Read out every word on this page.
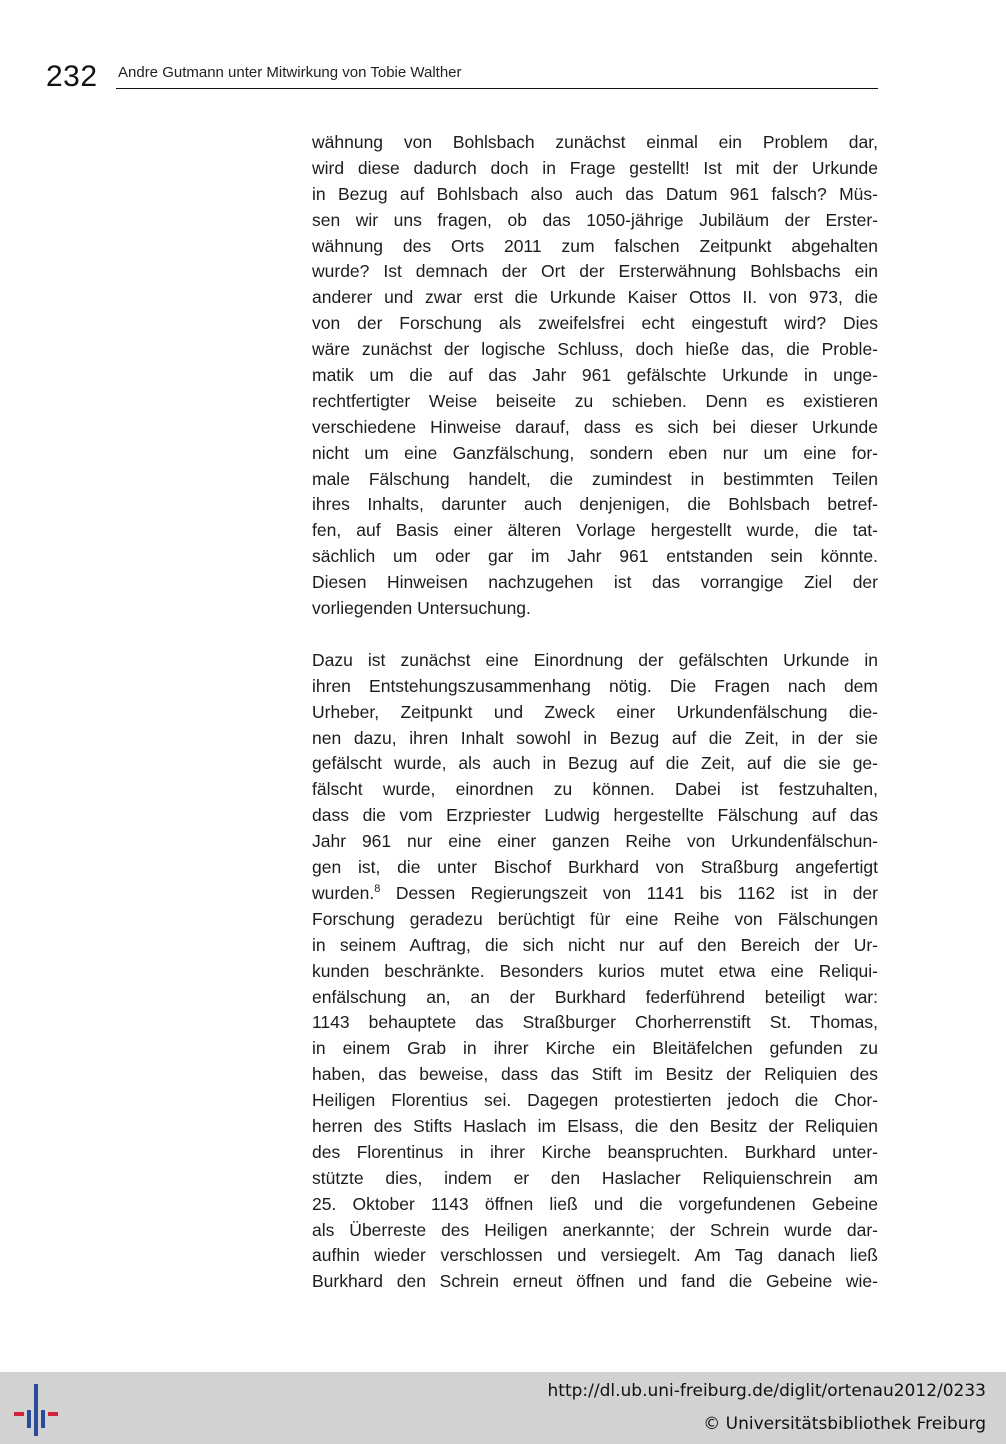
232 Andre Gutmann unter Mitwirkung von Tobie Walther
wähnung von Bohlsbach zunächst einmal ein Problem dar,
wird diese dadurch doch in Frage gestellt! Ist mit der Urkunde
in Bezug auf Bohlsbach also auch das Datum 961 falsch? Müs-
sen wir uns fragen, ob das 1050-jährige Jubiläum der Erster-
wähnung des Orts 2011 zum falschen Zeitpunkt abgehalten
wurde? Ist demnach der Ort der Ersterwähnung Bohlsbachs ein
anderer und zwar erst die Urkunde Kaiser Ottos II. von 973, die
von der Forschung als zweifelsfrei echt eingestuft wird? Dies
wäre zunächst der logische Schluss, doch hieße das, die Proble-
matik um die auf das Jahr 961 gefälschte Urkunde in unge-
rechtfertigter Weise beiseite zu schieben. Denn es existieren
verschiedene Hinweise darauf, dass es sich bei dieser Urkunde
nicht um eine Ganzfälschung, sondern eben nur um eine for-
male Fälschung handelt, die zumindest in bestimmten Teilen
ihres Inhalts, darunter auch denjenigen, die Bohlsbach betref-
fen, auf Basis einer älteren Vorlage hergestellt wurde, die tat-
sächlich um oder gar im Jahr 961 entstanden sein könnte.
Diesen Hinweisen nachzugehen ist das vorrangige Ziel der
vorliegenden Untersuchung.
Dazu ist zunächst eine Einordnung der gefälschten Urkunde in
ihren Entstehungszusammenhang nötig. Die Fragen nach dem
Urheber, Zeitpunkt und Zweck einer Urkundenfälschung die-
nen dazu, ihren Inhalt sowohl in Bezug auf die Zeit, in der sie
gefälscht wurde, als auch in Bezug auf die Zeit, auf die sie ge-
fälscht wurde, einordnen zu können. Dabei ist festzuhalten,
dass die vom Erzpriester Ludwig hergestellte Fälschung auf das
Jahr 961 nur eine einer ganzen Reihe von Urkundenfälschun-
gen ist, die unter Bischof Burkhard von Straßburg angefertigt
wurden.$^8$ Dessen Regierungszeit von 1141 bis 1162 ist in der
Forschung geradezu berüchtigt für eine Reihe von Fälschungen
in seinem Auftrag, die sich nicht nur auf den Bereich der Ur-
kunden beschränkte. Besonders kurios mutet etwa eine Reliqui-
enfälschung an, an der Burkhard federführend beteiligt war:
1143 behauptete das Straßburger Chorherrenstift St. Thomas,
in einem Grab in ihrer Kirche ein Bleitäfelchen gefunden zu
haben, das beweise, dass das Stift im Besitz der Reliquien des
Heiligen Florentius sei. Dagegen protestierten jedoch die Chor-
herren des Stifts Haslach im Elsass, die den Besitz der Reliquien
des Florentinus in ihrer Kirche beanspruchten. Burkhard unter-
stützte dies, indem er den Haslacher Reliquienschrein am
25. Oktober 1143 öffnen ließ und die vorgefundenen Gebeine
als Überreste des Heiligen anerkannte; der Schrein wurde dar-
aufhin wieder verschlossen und versiegelt. Am Tag danach ließ
Burkhard den Schrein erneut öffnen und fand die Gebeine wie-
http://dl.ub.uni-freiburg.de/diglit/ortenau2012/0233
© Universitätsbibliothek Freiburg
